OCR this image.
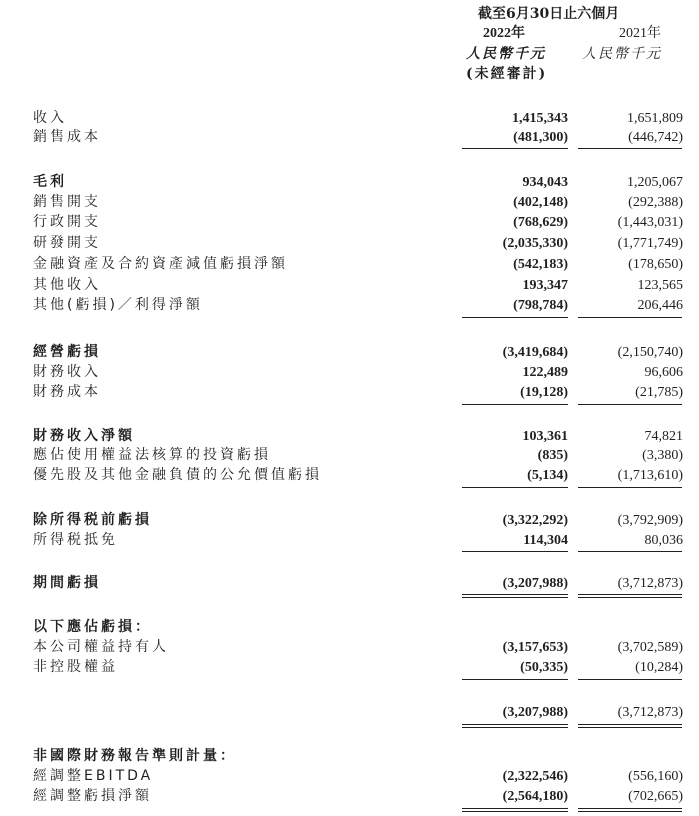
截至6月30日止六個月
2022年	2021年
人民幣千元	人民幣千元
(未經審計)
收入	1,415,343	1,651,809
銷售成本	(481,300)	(446,742)
毛利	934,043	1,205,067
銷售開支	(402,148)	(292,388)
行政開支	(768,629)	(1,443,031)
研發開支	(2,035,330)	(1,771,749)
金融資產及合約資產減值虧損淨額	(542,183)	(178,650)
其他收入	193,347	123,565
其他(虧損)／利得淨額	(798,784)	206,446
經營虧損	(3,419,684)	(2,150,740)
財務收入	122,489	96,606
財務成本	(19,128)	(21,785)
財務收入淨額	103,361	74,821
應佔使用權益法核算的投資虧損	(835)	(3,380)
優先股及其他金融負債的公允價值虧損	(5,134)	(1,713,610)
除所得税前虧損	(3,322,292)	(3,792,909)
所得税抵免	114,304	80,036
期間虧損	(3,207,988)	(3,712,873)
以下應佔虧損：
本公司權益持有人	(3,157,653)	(3,702,589)
非控股權益	(50,335)	(10,284)
(3,207,988)	(3,712,873)
非國際財務報告準則計量：
經調整EBITDA	(2,322,546)	(556,160)
經調整虧損淨額	(2,564,180)	(702,665)
